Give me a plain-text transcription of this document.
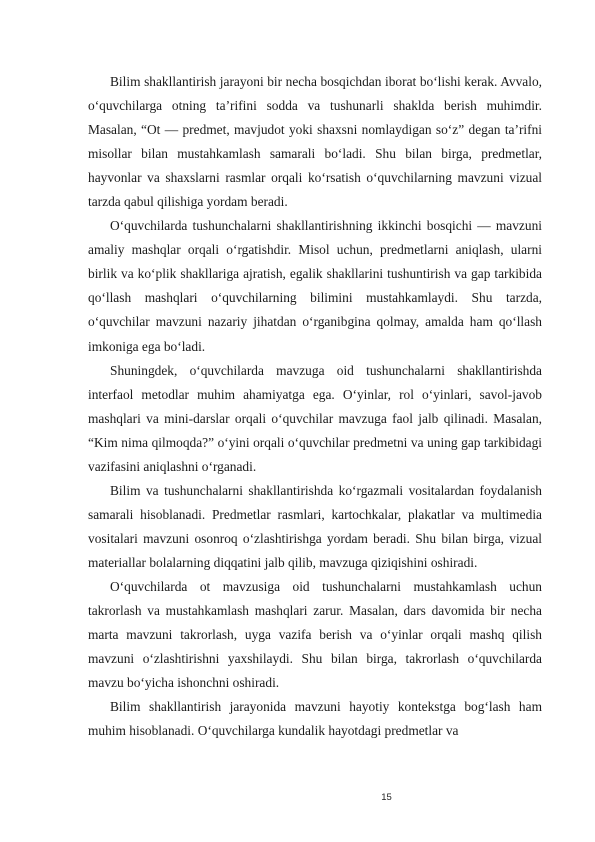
Bilim shakllantirish jarayoni bir necha bosqichdan iborat bo‘lishi kerak. Avvalo, o‘quvchilarga otning ta’rifini sodda va tushunarli shaklda berish muhimdir. Masalan, “Ot — predmet, mavjudot yoki shaxsni nomlaydigan so‘z” degan ta’rifni misollar bilan mustahkamlash samarali bo‘ladi. Shu bilan birga, predmetlar, hayvonlar va shaxslarni rasmlar orqali ko‘rsatish o‘quvchilarning mavzuni vizual tarzda qabul qilishiga yordam beradi.

O‘quvchilarda tushunchalarni shakllantirishning ikkinchi bosqichi — mavzuni amaliy mashqlar orqali o‘rgatishdir. Misol uchun, predmetlarni aniqlash, ularni birlik va ko‘plik shakllariga ajratish, egalik shakllarini tushuntirish va gap tarkibida qo‘llash mashqlari o‘quvchilarning bilimini mustahkamlaydi. Shu tarzda, o‘quvchilar mavzuni nazariy jihatdan o‘rganibgina qolmay, amalda ham qo‘llash imkoniga ega bo‘ladi.

Shuningdek, o‘quvchilarda mavzuga oid tushunchalarni shakllantirishda interfaol metodlar muhim ahamiyatga ega. O‘yinlar, rol o‘yinlari, savol-javob mashqlari va mini-darslar orqali o‘quvchilar mavzuga faol jalb qilinadi. Masalan, “Kim nima qilmoqda?” o‘yini orqali o‘quvchilar predmetni va uning gap tarkibidagi vazifasini aniqlashni o‘rganadi.

Bilim va tushunchalarni shakllantirishda ko‘rgazmali vositalardan foydalanish samarali hisoblanadi. Predmetlar rasmlari, kartochkalar, plakatlar va multimedia vositalari mavzuni osonroq o‘zlashtirishga yordam beradi. Shu bilan birga, vizual materiallar bolalarning diqqatini jalb qilib, mavzuga qiziqishini oshiradi.

O‘quvchilarda ot mavzusiga oid tushunchalarni mustahkamlash uchun takrorlash va mustahkamlash mashqlari zarur. Masalan, dars davomida bir necha marta mavzuni takrorlash, uyga vazifa berish va o‘yinlar orqali mashq qilish mavzuni o‘zlashtirishni yaxshilaydi. Shu bilan birga, takrorlash o‘quvchilarda mavzu bo‘yicha ishonchni oshiradi.

Bilim shakllantirish jarayonida mavzuni hayotiy kontekstga bog‘lash ham muhim hisoblanadi. O‘quvchilarga kundalik hayotdagi predmetlar va

15
